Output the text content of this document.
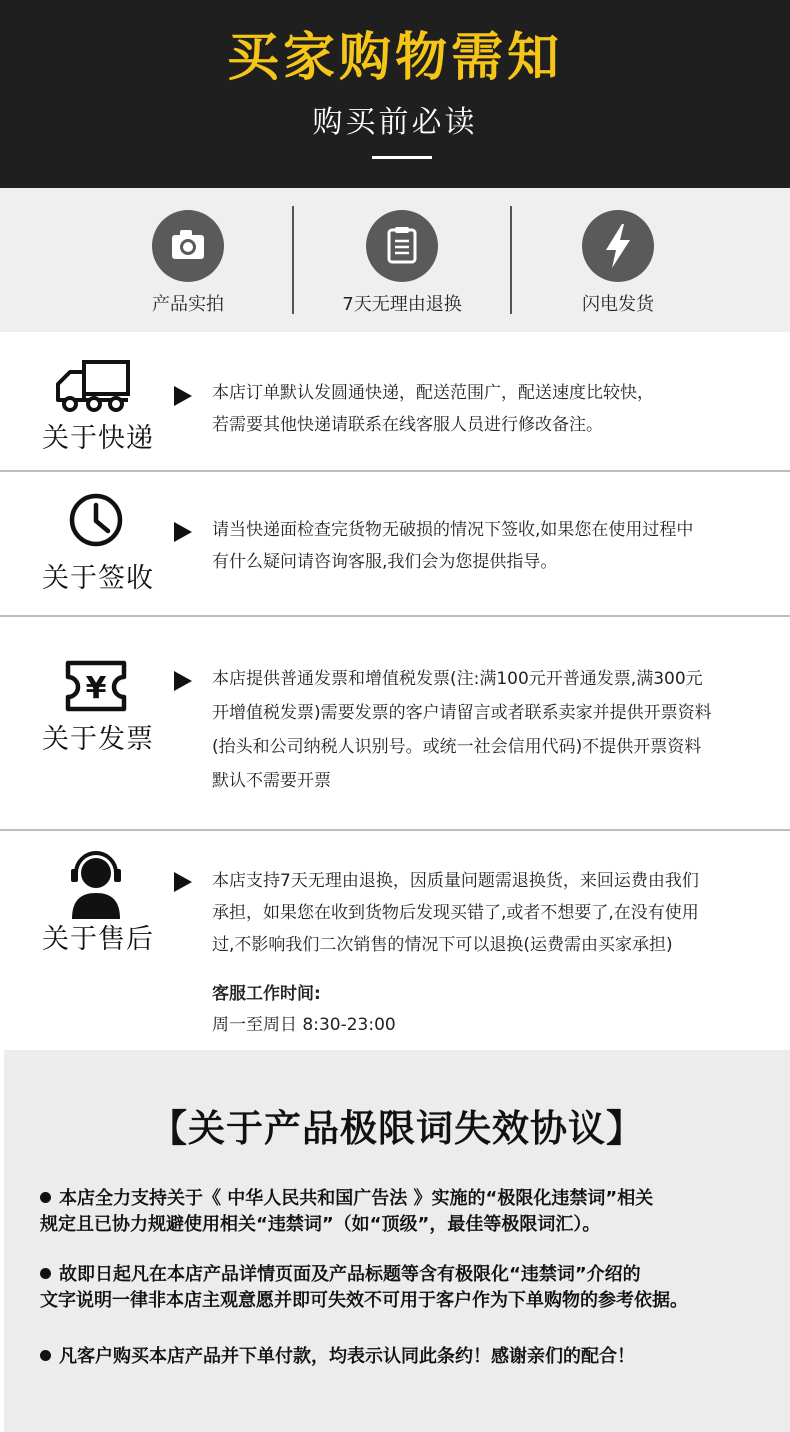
买家购物需知
购买前必读
产品实拍	7天无理由退换	闪电发货
关于快递
本店订单默认发圆通快递，配送范围广，配送速度比较快，
若需要其他快递请联系在线客服人员进行修改备注。
关于签收
请当快递面检查完货物无破损的情况下签收,如果您在使用过程中
有什么疑问请咨询客服,我们会为您提供指导。
¥
关于发票
本店提供普通发票和增值税发票(注:满100元开普通发票,满300元
开增值税发票)需要发票的客户请留言或者联系卖家并提供开票资料
(抬头和公司纳税人识别号。或统一社会信用代码)不提供开票资料
默认不需要开票
关于售后
本店支持7天无理由退换，因质量问题需退换货，来回运费由我们
承担，如果您在收到货物后发现买错了,或者不想要了,在没有使用
过,不影响我们二次销售的情况下可以退换(运费需由买家承担)
客服工作时间:
周一至周日 8:30-23:00
【关于产品极限词失效协议】
本店全力支持关于《 中华人民共和国广告法 》实施的“极限化违禁词”相关
规定且已协力规避使用相关“违禁词”（如“顶级”，最佳等极限词汇）。
故即日起凡在本店产品详情页面及产品标题等含有极限化“违禁词”介绍的
文字说明一律非本店主观意愿并即可失效不可用于客户作为下单购物的参考依据。
凡客户购买本店产品并下单付款，均表示认同此条约！感谢亲们的配合！
